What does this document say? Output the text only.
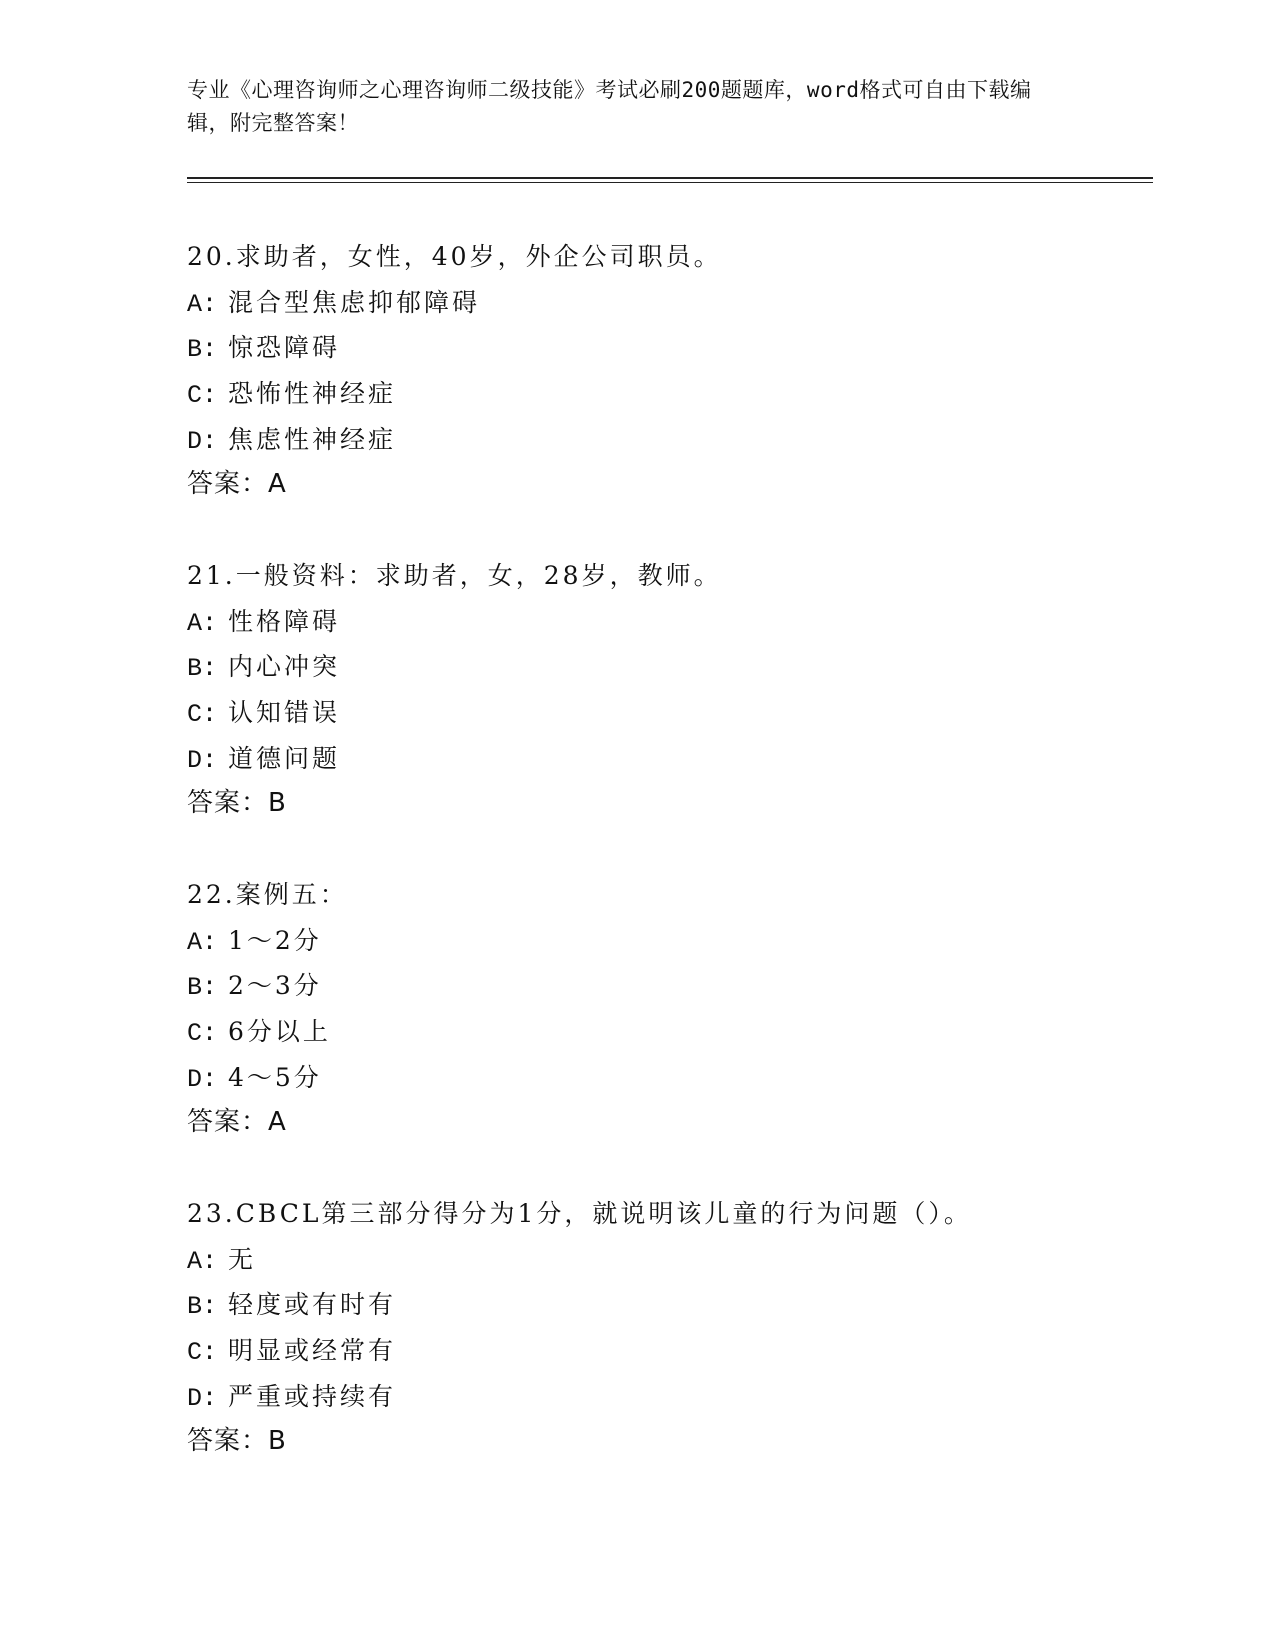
专业《心理咨询师之心理咨询师二级技能》考试必刷200题题库，word格式可自由下载编辑，附完整答案！
20.求助者，女性，40岁，外企公司职员。
A: 混合型焦虑抑郁障碍
B: 惊恐障碍
C: 恐怖性神经症
D: 焦虑性神经症
答案：A
21.一般资料：求助者，女，28岁，教师。
A: 性格障碍
B: 内心冲突
C: 认知错误
D: 道德问题
答案：B
22.案例五：
A: 1～2分
B: 2～3分
C: 6分以上
D: 4～5分
答案：A
23.CBCL第三部分得分为1分，就说明该儿童的行为问题（）。
A: 无
B: 轻度或有时有
C: 明显或经常有
D: 严重或持续有
答案：B
